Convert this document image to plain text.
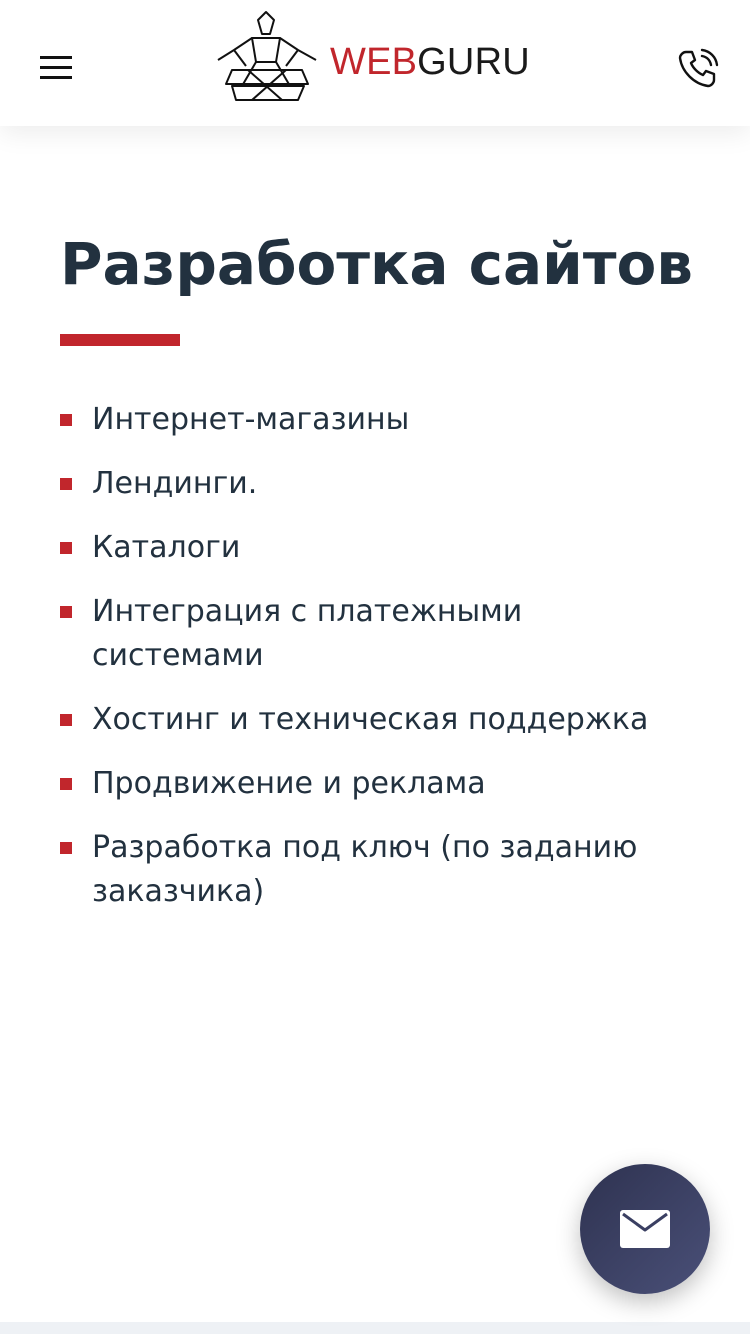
WEBGURU
Разработка сайтов
Интернет-магазины
Лендинги.
Каталоги
Интеграция с платежными системами
Хостинг и техническая поддержка
Продвижение и реклама
Разработка под ключ (по заданию заказчика)
